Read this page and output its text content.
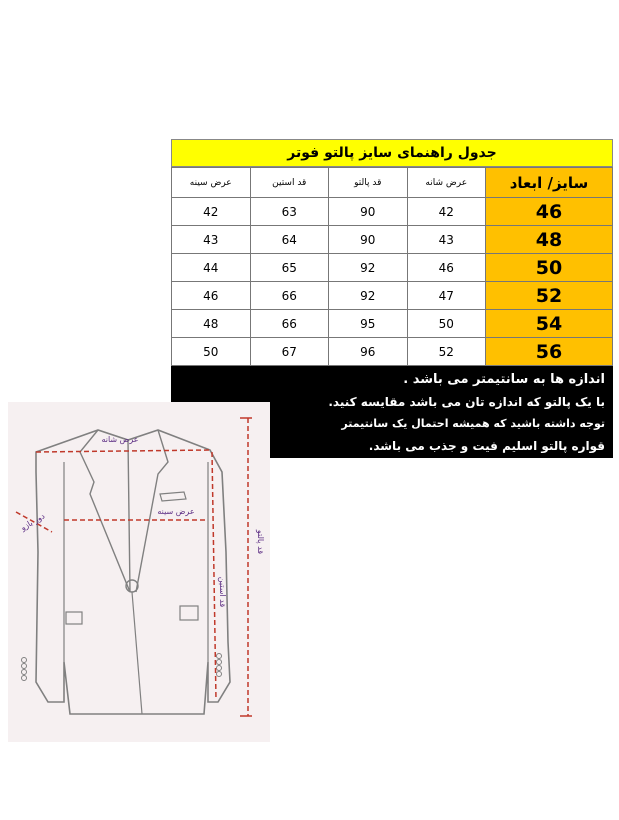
جدول راهنمای سایز پالتو فوتر
سایز/ ابعاد	عرض شانه	قد پالتو	قد استین	عرض سینه
46	42	90	63	42
48	43	90	64	43
50	46	92	65	44
52	47	92	66	46
54	50	95	66	48
56	52	96	67	50
اندازه ها به سانتیمتر می باشد .
با یک پالتو که اندازه تان می باشد مقایسه کنید.
توجه داشته باشید که همیشه احتمال یک سانتیمتر
قواره پالتو اسلیم فیت و جذب می باشد.
عرض شانه
عرض سینه
قد استین
دور بازو
قد پالتو
